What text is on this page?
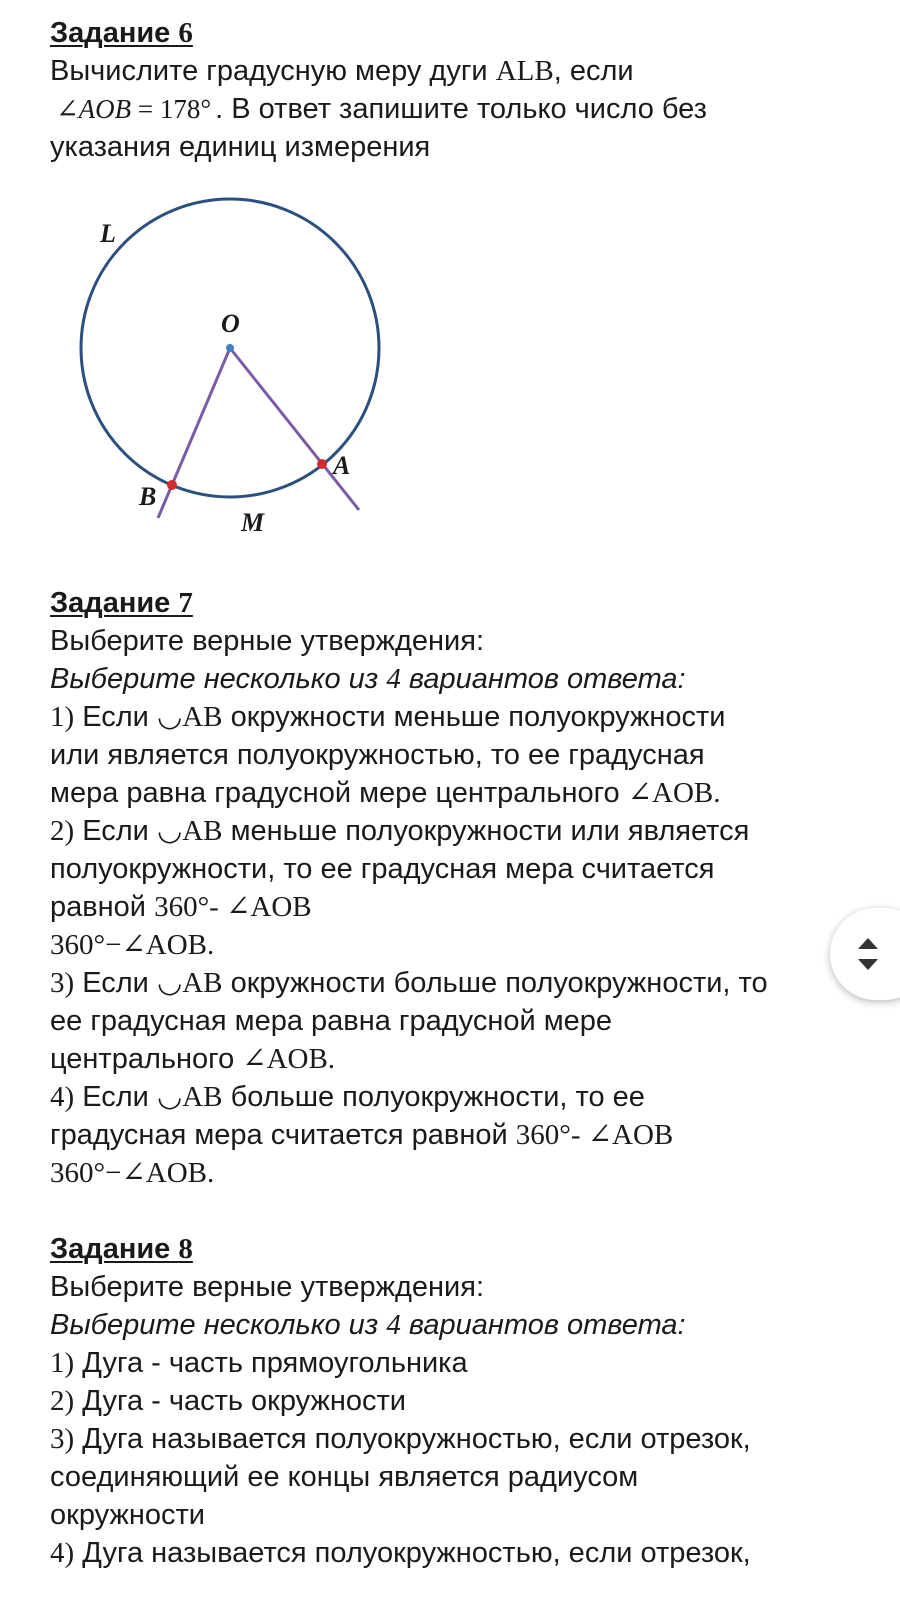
Задание 6
Вычислите градусную меру дуги ALB, если
∠AOB = 178° . В ответ запишите только число без
указания единиц измерения
L
O
A
B
M
Задание 7
Выберите верные утверждения:
Выберите несколько из 4 вариантов ответа:
1) Если ◡AB окружности меньше полуокружности
или является полуокружностью, то ее градусная
мера равна градусной мере центрального ∠AOB.
2) Если ◡AB меньше полуокружности или является
полуокружности, то ее градусная мера считается
равной 360°- ∠AOB
360°−∠AOB.
3) Если ◡AB окружности больше полуокружности, то
ее градусная мера равна градусной мере
центрального ∠AOB.
4) Если ◡AB больше полуокружности, то ее
градусная мера считается равной 360°- ∠AOB
360°−∠AOB.
Задание 8
Выберите верные утверждения:
Выберите несколько из 4 вариантов ответа:
1) Дуга - часть прямоугольника
2) Дуга - часть окружности
3) Дуга называется полуокружностью, если отрезок,
соединяющий ее концы является радиусом
окружности
4) Дуга называется полуокружностью, если отрезок,
